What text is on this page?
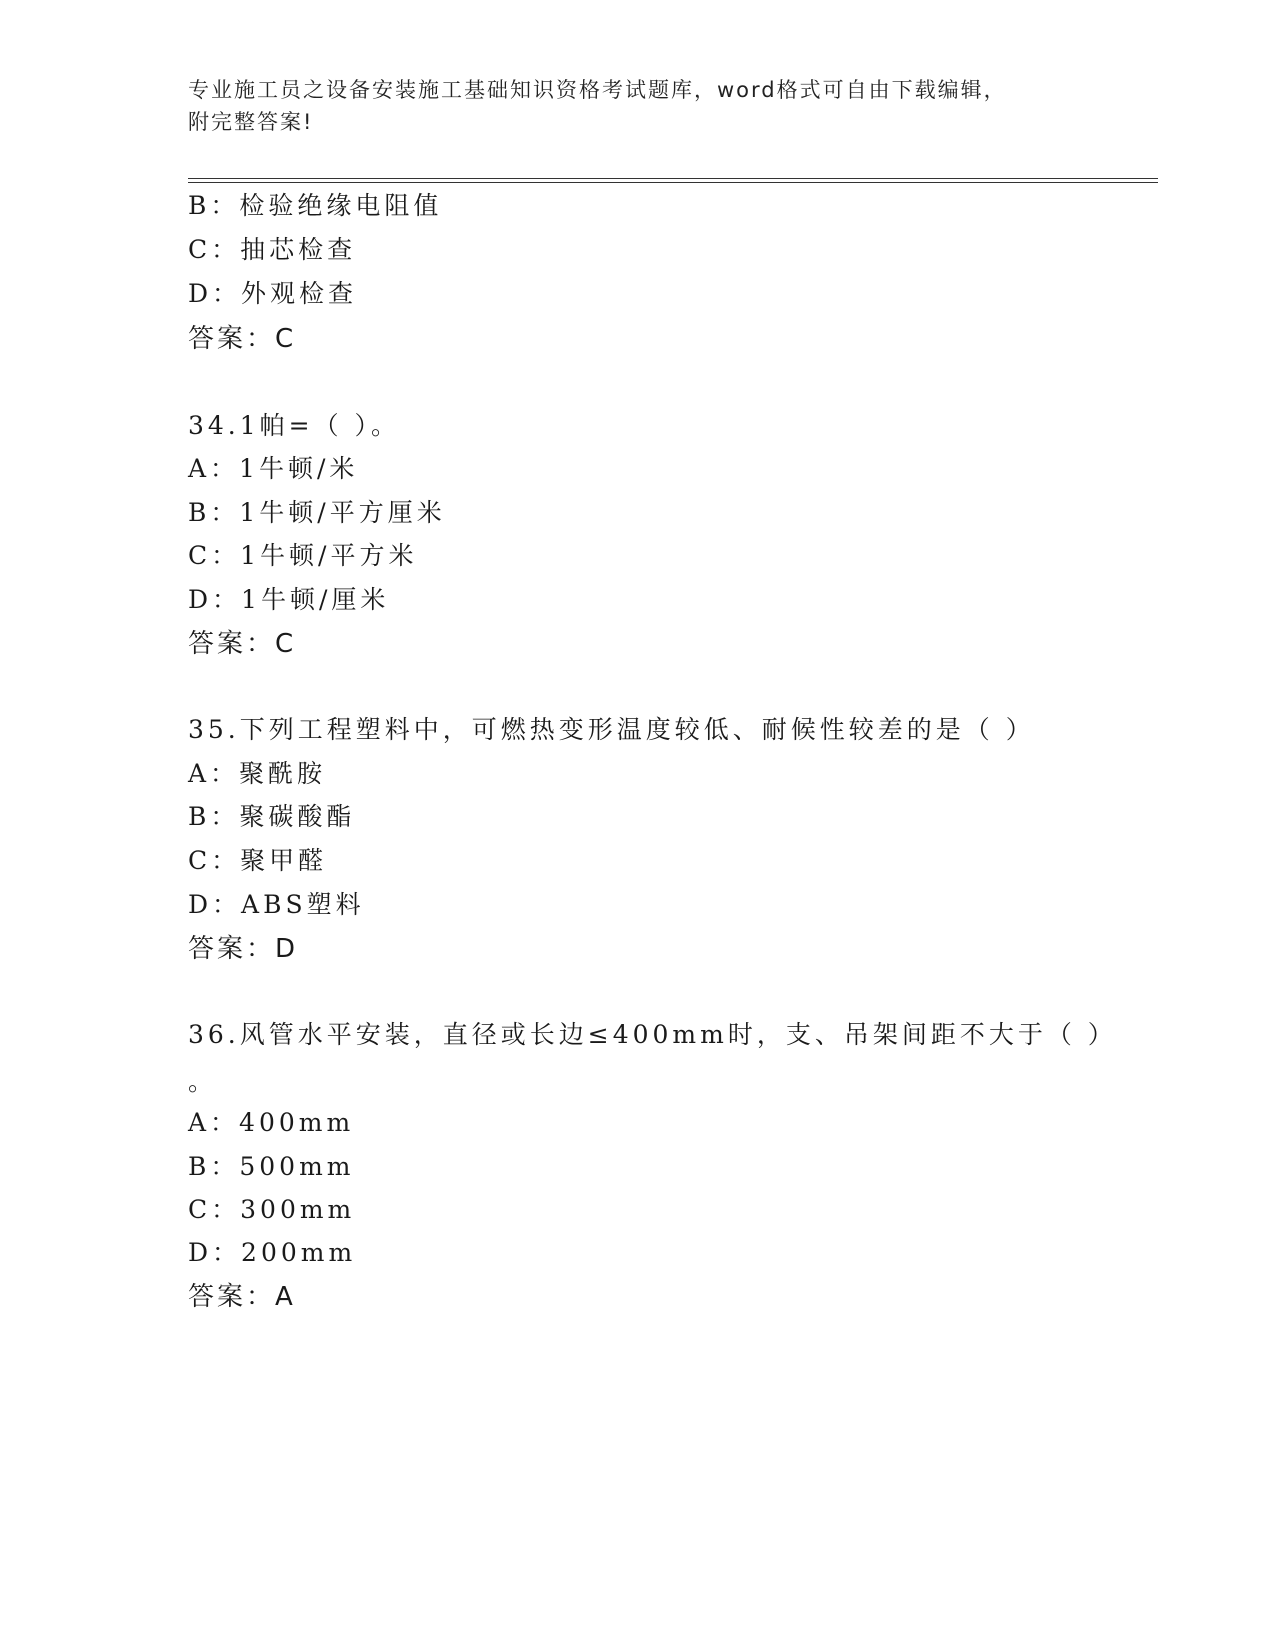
专业施工员之设备安装施工基础知识资格考试题库，word格式可自由下载编辑，
附完整答案!
B：检验绝缘电阻值
C：抽芯检查
D：外观检查
答案：C
34.1帕=（ ）。
A：1牛顿/米
B：1牛顿/平方厘米
C：1牛顿/平方米
D：1牛顿/厘米
答案：C
35.下列工程塑料中，可燃热变形温度较低、耐候性较差的是（ ）
A：聚酰胺
B：聚碳酸酯
C：聚甲醛
D：ABS塑料
答案：D
36.风管水平安装，直径或长边≤400mm时，支、吊架间距不大于（ ）
。
A：400mm
B：500mm
C：300mm
D：200mm
答案：A
